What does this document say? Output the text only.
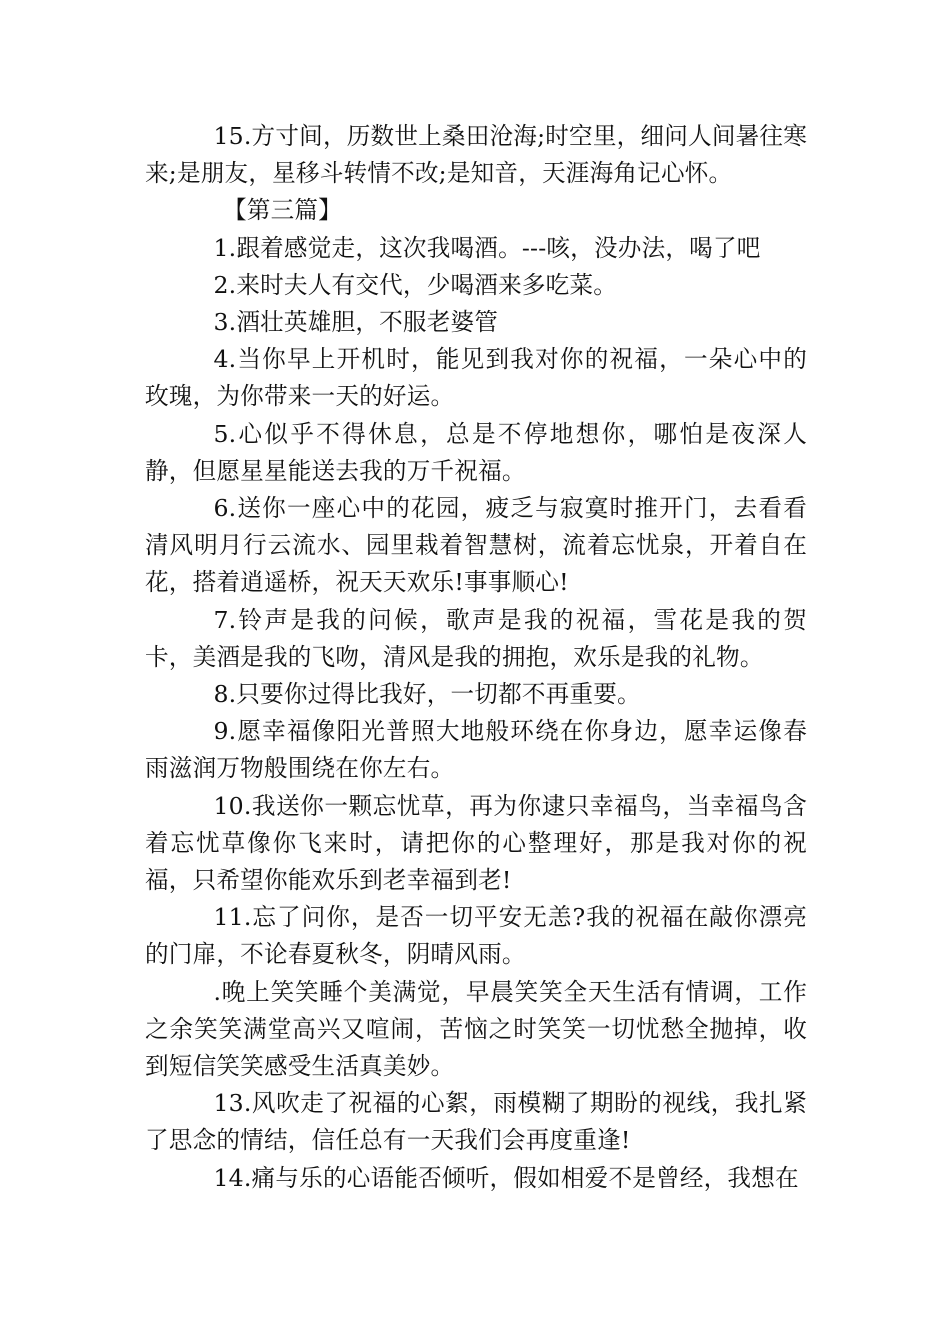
15.方寸间，历数世上桑田沧海;时空里，细问人间暑往寒来;是朋友，星移斗转情不改;是知音，天涯海角记心怀。

【第三篇】

1.跟着感觉走，这次我喝酒。---咳，没办法，喝了吧

2.来时夫人有交代，少喝酒来多吃菜。

3.酒壮英雄胆，不服老婆管

4.当你早上开机时，能见到我对你的祝福，一朵心中的玫瑰，为你带来一天的好运。

5.心似乎不得休息，总是不停地想你，哪怕是夜深人静，但愿星星能送去我的万千祝福。

6.送你一座心中的花园，疲乏与寂寞时推开门，去看看清风明月行云流水、园里栽着智慧树，流着忘忧泉，开着自在花，搭着逍遥桥，祝天天欢乐!事事顺心!

7.铃声是我的问候，歌声是我的祝福，雪花是我的贺卡，美酒是我的飞吻，清风是我的拥抱，欢乐是我的礼物。

8.只要你过得比我好，一切都不再重要。

9.愿幸福像阳光普照大地般环绕在你身边，愿幸运像春雨滋润万物般围绕在你左右。

10.我送你一颗忘忧草，再为你逮只幸福鸟，当幸福鸟含着忘忧草像你飞来时，请把你的心整理好，那是我对你的祝福，只希望你能欢乐到老幸福到老!

11.忘了问你，是否一切平安无恙?我的祝福在敲你漂亮的门扉，不论春夏秋冬，阴晴风雨。

.晚上笑笑睡个美满觉，早晨笑笑全天生活有情调，工作之余笑笑满堂高兴又喧闹，苦恼之时笑笑一切忧愁全抛掉，收到短信笑笑感受生活真美妙。

13.风吹走了祝福的心絮，雨模糊了期盼的视线，我扎紧了思念的情结，信任总有一天我们会再度重逢!

14.痛与乐的心语能否倾听，假如相爱不是曾经，我想在
